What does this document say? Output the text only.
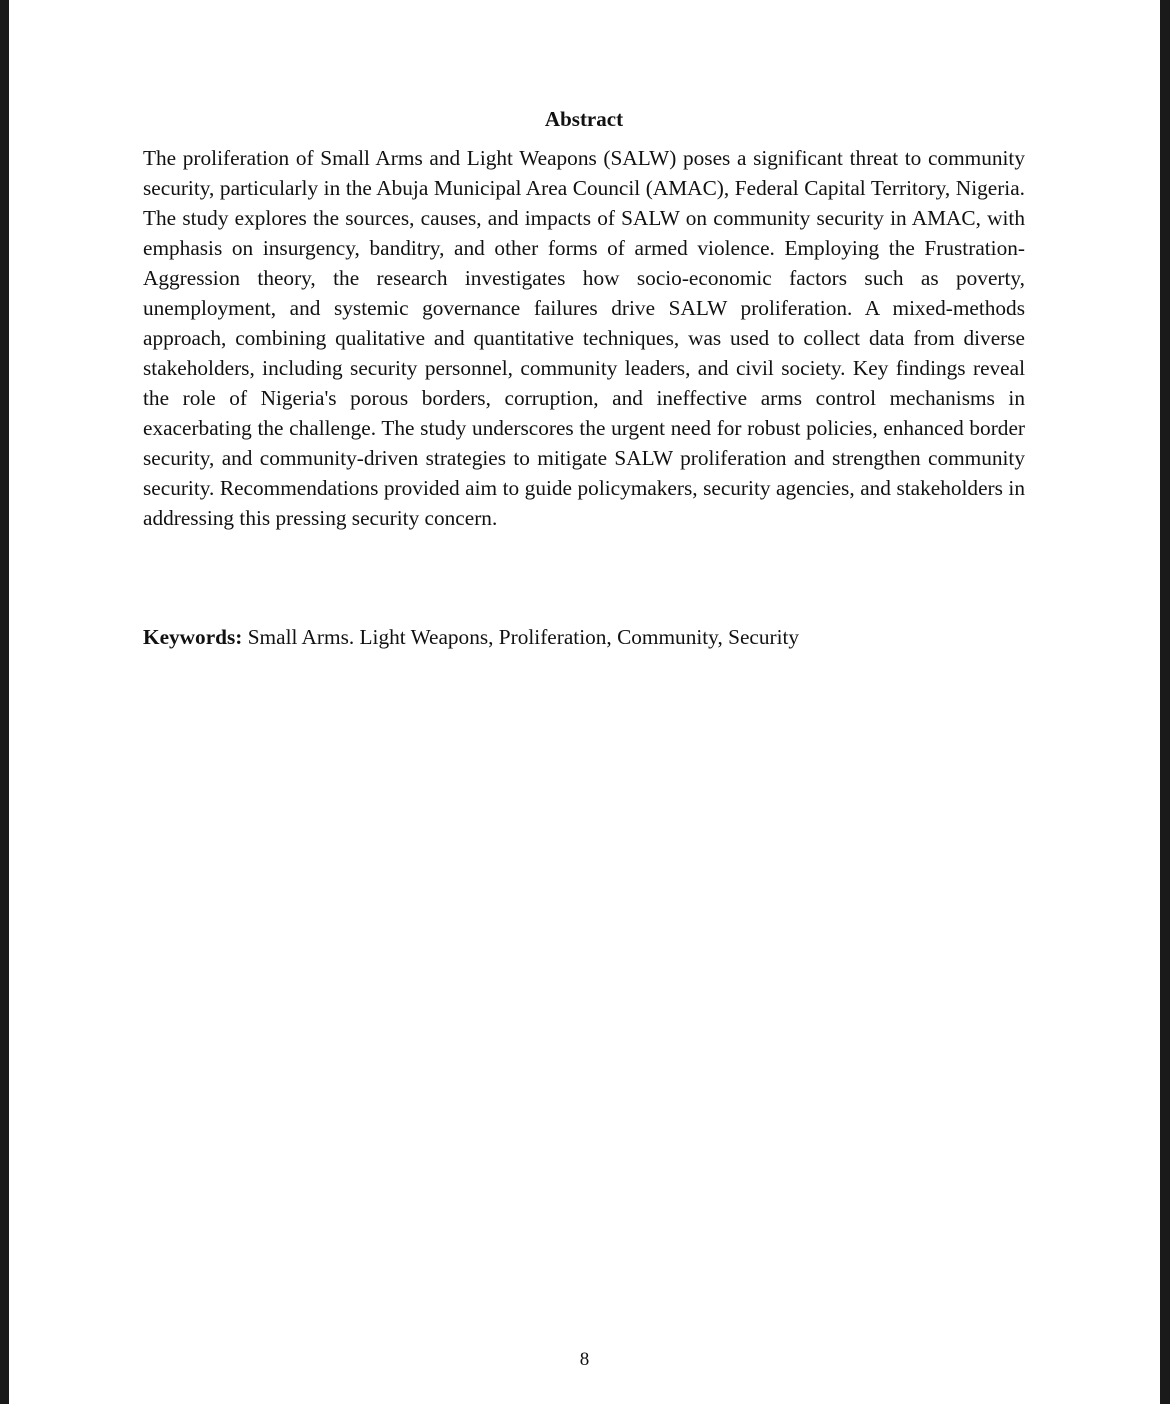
Abstract

The proliferation of Small Arms and Light Weapons (SALW) poses a significant threat to community security, particularly in the Abuja Municipal Area Council (AMAC), Federal Capital Territory, Nigeria. The study explores the sources, causes, and impacts of SALW on community security in AMAC, with emphasis on insurgency, banditry, and other forms of armed violence. Employing the Frustration-Aggression theory, the research investigates how socio-economic factors such as poverty, unemployment, and systemic governance failures drive SALW proliferation. A mixed-methods approach, combining qualitative and quantitative techniques, was used to collect data from diverse stakeholders, including security personnel, community leaders, and civil society. Key findings reveal the role of Nigeria's porous borders, corruption, and ineffective arms control mechanisms in exacerbating the challenge. The study underscores the urgent need for robust policies, enhanced border security, and community-driven strategies to mitigate SALW proliferation and strengthen community security. Recommendations provided aim to guide policymakers, security agencies, and stakeholders in addressing this pressing security concern.

Keywords: Small Arms. Light Weapons, Proliferation, Community, Security
8
